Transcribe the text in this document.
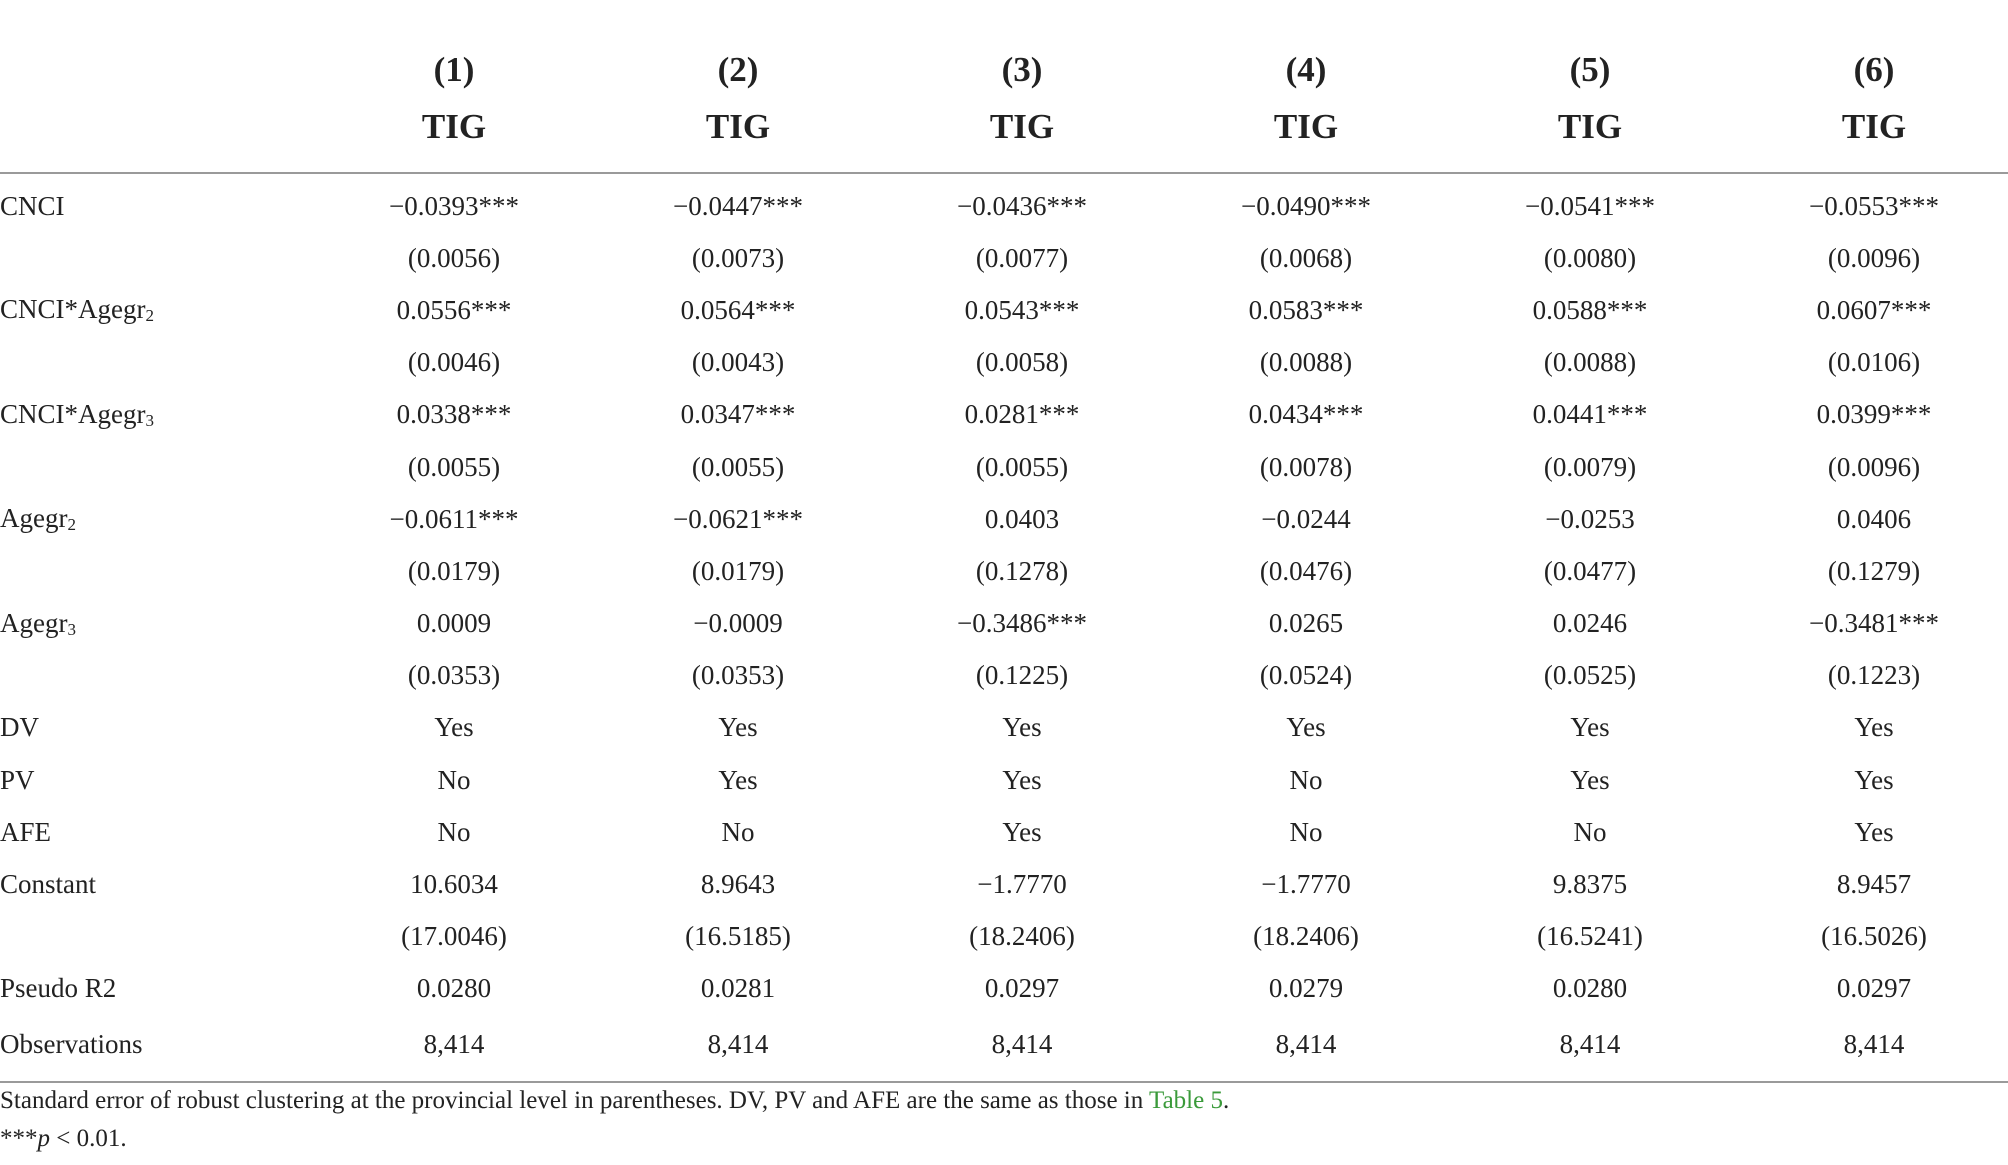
	(1)	(2)	(3)	(4)	(5)	(6)
	TIG	TIG	TIG	TIG	TIG	TIG
CNCI	−0.0393***	−0.0447***	−0.0436***	−0.0490***	−0.0541***	−0.0553***
	(0.0056)	(0.0073)	(0.0077)	(0.0068)	(0.0080)	(0.0096)
CNCI*Agegr$_2$	0.0556***	0.0564***	0.0543***	0.0583***	0.0588***	0.0607***
	(0.0046)	(0.0043)	(0.0058)	(0.0088)	(0.0088)	(0.0106)
CNCI*Agegr$_3$	0.0338***	0.0347***	0.0281***	0.0434***	0.0441***	0.0399***
	(0.0055)	(0.0055)	(0.0055)	(0.0078)	(0.0079)	(0.0096)
Agegr$_2$	−0.0611***	−0.0621***	0.0403	−0.0244	−0.0253	0.0406
	(0.0179)	(0.0179)	(0.1278)	(0.0476)	(0.0477)	(0.1279)
Agegr$_3$	0.0009	−0.0009	−0.3486***	0.0265	0.0246	−0.3481***
	(0.0353)	(0.0353)	(0.1225)	(0.0524)	(0.0525)	(0.1223)
DV	Yes	Yes	Yes	Yes	Yes	Yes
PV	No	Yes	Yes	No	Yes	Yes
AFE	No	No	Yes	No	No	Yes
Constant	10.6034	8.9643	−1.7770	−1.7770	9.8375	8.9457
	(17.0046)	(16.5185)	(18.2406)	(18.2406)	(16.5241)	(16.5026)
Pseudo R2	0.0280	0.0281	0.0297	0.0279	0.0280	0.0297
Observations	8,414	8,414	8,414	8,414	8,414	8,414
Standard error of robust clustering at the provincial level in parentheses. DV, PV and AFE are the same as those in Table 5.
***p < 0.01.
